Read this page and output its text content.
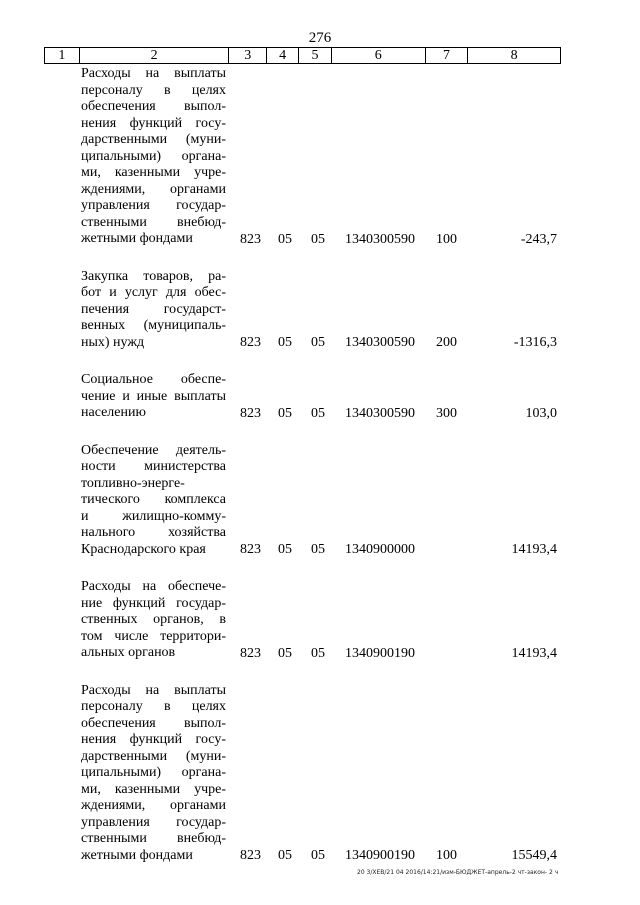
276
1	2	3	4	5	6	7	8
Расходы на выплаты
персоналу в целях
обеспечения выпол-
нения функций госу-
дарственными (муни-
ципальными) органа-
ми, казенными учре-
ждениями, органами
управления государ-
ственными внебюд-
жетными фондами	823 05 05 1340300590 100	-243,7
Закупка товаров, ра-
бот и услуг для обес-
печения государст-
венных (муниципаль-
ных) нужд	823 05 05 1340300590 200	-1316,3
Социальное обеспе-
чение и иные выплаты
населению	823 05 05 1340300590 300	103,0
Обеспечение деятель-
ности министерства
топливно-энерге-
тического комплекса
и жилищно-комму-
нального хозяйства
Краснодарского края	823 05 05 1340900000	14193,4
Расходы на обеспече-
ние функций государ-
ственных органов, в
том числе территори-
альных органов	823 05 05 1340900190	14193,4
Расходы на выплаты
персоналу в целях
обеспечения выпол-
нения функций госу-
дарственными (муни-
ципальными) органа-
ми, казенными учре-
ждениями, органами
управления государ-
ственными внебюд-
жетными фондами	823 05 05 1340900190 100	15549,4
20 3/ХЕВ/21 04 2016/14:21/изм-БЮДЖЕТ-апрель-2 чт-закон- 2 ч
